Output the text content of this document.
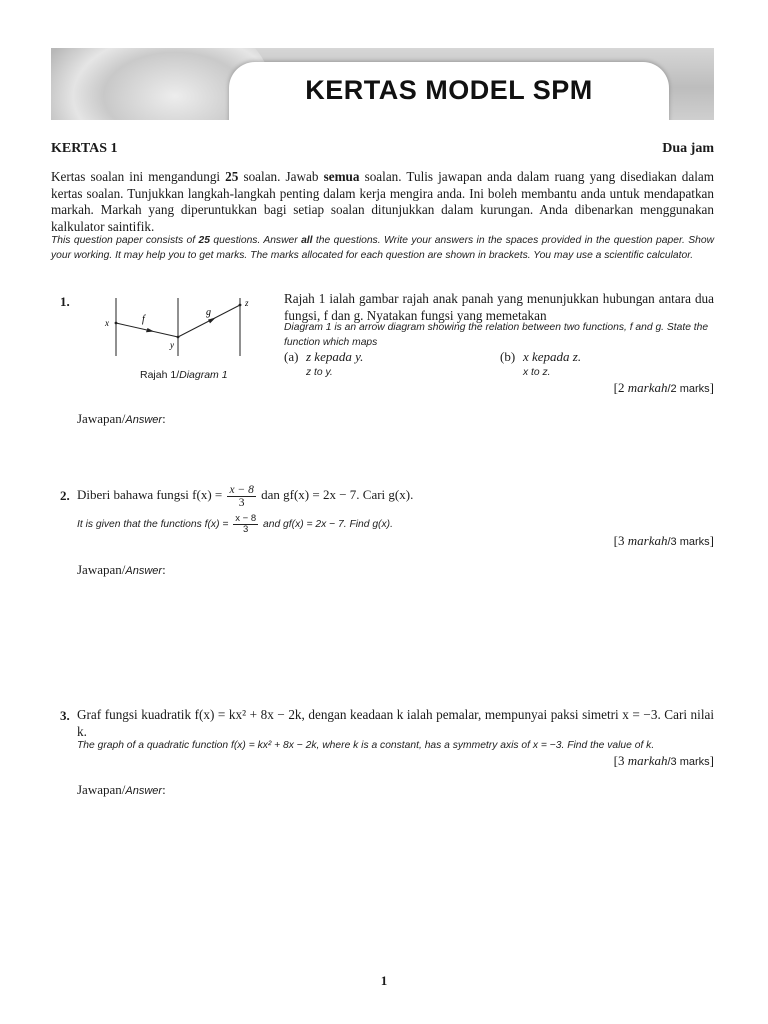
KERTAS MODEL SPM
KERTAS 1	Dua jam
Kertas soalan ini mengandungi 25 soalan. Jawab semua soalan. Tulis jawapan anda dalam ruang yang disediakan dalam kertas soalan. Tunjukkan langkah-langkah penting dalam kerja mengira anda. Ini boleh membantu anda untuk mendapatkan markah. Markah yang diperuntukkan bagi setiap soalan ditunjukkan dalam kurungan. Anda dibenarkan menggunakan kalkulator saintifik.
This question paper consists of 25 questions. Answer all the questions. Write your answers in the spaces provided in the question paper. Show your working. It may help you to get marks. The marks allocated for each question are shown in brackets. You may use a scientific calculator.
1.
x	f
y
g
z
Rajah 1/Diagram 1
Rajah 1 ialah gambar rajah anak panah yang menunjukkan hubungan antara dua fungsi, f dan g. Nyatakan fungsi yang memetakan
Diagram 1 is an arrow diagram showing the relation between two functions, f and g. State the function which maps
(a) z kepada y.
z to y.
(b) x kepada z.
x to z.
[2 markah/2 marks]
Jawapan/Answer:
2. Diberi bahawa fungsi $f(x) = \frac{x - 8}{3}$ dan gf(x) = 2x − 7. Cari g(x).
It is given that the functions $f(x) = \frac{x - 8}{3}$ and gf(x) = 2x − 7. Find g(x).
[3 markah/3 marks]
Jawapan/Answer:
3. Graf fungsi kuadratik f(x) = kx² + 8x − 2k, dengan keadaan k ialah pemalar, mempunyai paksi simetri x = −3. Cari nilai k.
The graph of a quadratic function f(x) = kx² + 8x − 2k, where k is a constant, has a symmetry axis of x = −3. Find the value of k.
[3 markah/3 marks]
Jawapan/Answer:
1
